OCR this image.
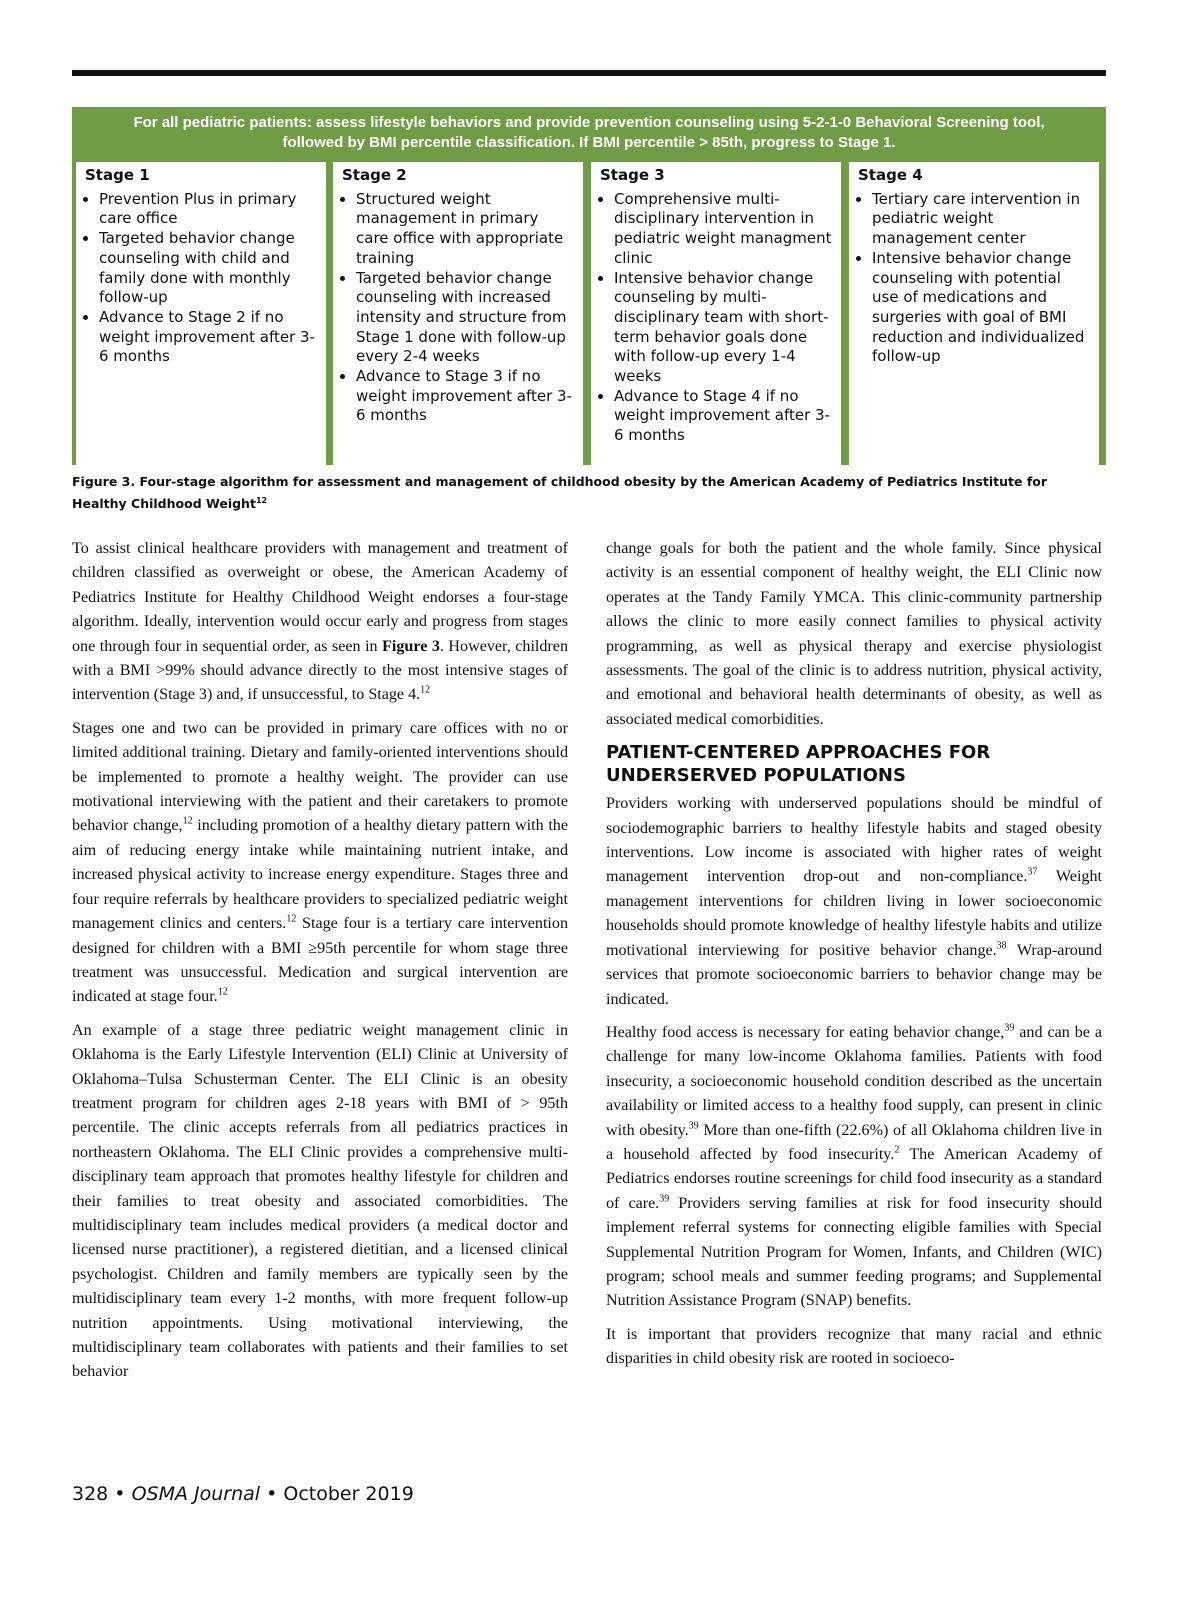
For all pediatric patients: assess lifestyle behaviors and provide prevention counseling using 5-2-1-0 Behavioral Screening tool,
followed by BMI percentile classification. If BMI percentile > 85th, progress to Stage 1.
Stage 1
• Prevention Plus in primary care office
• Targeted behavior change counseling with child and family done with monthly follow-up
• Advance to Stage 2 if no weight improvement after 3-6 months
Stage 2
• Structured weight management in primary care office with appropriate training
• Targeted behavior change counseling with increased intensity and structure from Stage 1 done with follow-up every 2-4 weeks
• Advance to Stage 3 if no weight improvement after 3-6 months
Stage 3
• Comprehensive multi-disciplinary intervention in pediatric weight managment clinic
• Intensive behavior change counseling by multi-disciplinary team with short-term behavior goals done with follow-up every 1-4 weeks
• Advance to Stage 4 if no weight improvement after 3-6 months
Stage 4
• Tertiary care intervention in pediatric weight management center
• Intensive behavior change counseling with potential use of medications and surgeries with goal of BMI reduction and individualized follow-up
Figure 3. Four-stage algorithm for assessment and management of childhood obesity by the American Academy of Pediatrics Institute for Healthy Childhood Weight$^{12}$

To assist clinical healthcare providers with management and treatment of children classified as overweight or obese, the American Academy of Pediatrics Institute for Healthy Childhood Weight endorses a four-stage algorithm. Ideally, intervention would occur early and progress from stages one through four in sequential order, as seen in Figure 3. However, children with a BMI >99% should advance directly to the most intensive stages of intervention (Stage 3) and, if unsuccessful, to Stage 4.12

Stages one and two can be provided in primary care offices with no or limited additional training. Dietary and family-oriented interventions should be implemented to promote a healthy weight. The provider can use motivational interviewing with the patient and their caretakers to promote behavior change,$^{12}$ including promotion of a healthy dietary pattern with the aim of reducing energy intake while maintaining nutrient intake, and increased physical activity to increase energy expenditure. Stages three and four require referrals by healthcare providers to specialized pediatric weight management clinics and centers.$^{12}$ Stage four is a tertiary care intervention designed for children with a BMI ≥95th percentile for whom stage three treatment was unsuccessful. Medication and surgical intervention are indicated at stage four.$^{12}$

An example of a stage three pediatric weight management clinic in Oklahoma is the Early Lifestyle Intervention (ELI) Clinic at University of Oklahoma–Tulsa Schusterman Center. The ELI Clinic is an obesity treatment program for children ages 2-18 years with BMI of > 95th percentile. The clinic accepts referrals from all pediatrics practices in northeastern Oklahoma. The ELI Clinic provides a comprehensive multi-disciplinary team approach that promotes healthy lifestyle for children and their families to treat obesity and associated comorbidities. The multidisciplinary team includes medical providers (a medical doctor and licensed nurse practitioner), a registered dietitian, and a licensed clinical psychologist. Children and family members are typically seen by the multidisciplinary team every 1-2 months, with more frequent follow-up nutrition appointments. Using motivational interviewing, the multidisciplinary team collaborates with patients and their families to set behavior

change goals for both the patient and the whole family. Since physical activity is an essential component of healthy weight, the ELI Clinic now operates at the Tandy Family YMCA. This clinic-community partnership allows the clinic to more easily connect families to physical activity programming, as well as physical therapy and exercise physiologist assessments. The goal of the clinic is to address nutrition, physical activity, and emotional and behavioral health determinants of obesity, as well as associated medical comorbidities.

PATIENT-CENTERED APPROACHES FOR
UNDERSERVED POPULATIONS

Providers working with underserved populations should be mindful of sociodemographic barriers to healthy lifestyle habits and staged obesity interventions. Low income is associated with higher rates of weight management intervention drop-out and non-compliance.$^{37}$ Weight management interventions for children living in lower socioeconomic households should promote knowledge of healthy lifestyle habits and utilize motivational interviewing for positive behavior change.$^{38}$ Wrap-around services that promote socioeconomic barriers to behavior change may be indicated.

Healthy food access is necessary for eating behavior change,$^{39}$ and can be a challenge for many low-income Oklahoma families. Patients with food insecurity, a socioeconomic household condition described as the uncertain availability or limited access to a healthy food supply, can present in clinic with obesity.$^{39}$ More than one-fifth (22.6%) of all Oklahoma children live in a household affected by food insecurity.$^2$ The American Academy of Pediatrics endorses routine screenings for child food insecurity as a standard of care.$^{39}$ Providers serving families at risk for food insecurity should implement referral systems for connecting eligible families with Special Supplemental Nutrition Program for Women, Infants, and Children (WIC) program; school meals and summer feeding programs; and Supplemental Nutrition Assistance Program (SNAP) benefits.

It is important that providers recognize that many racial and ethnic disparities in child obesity risk are rooted in socioeco-

328 • OSMA Journal • October 2019
